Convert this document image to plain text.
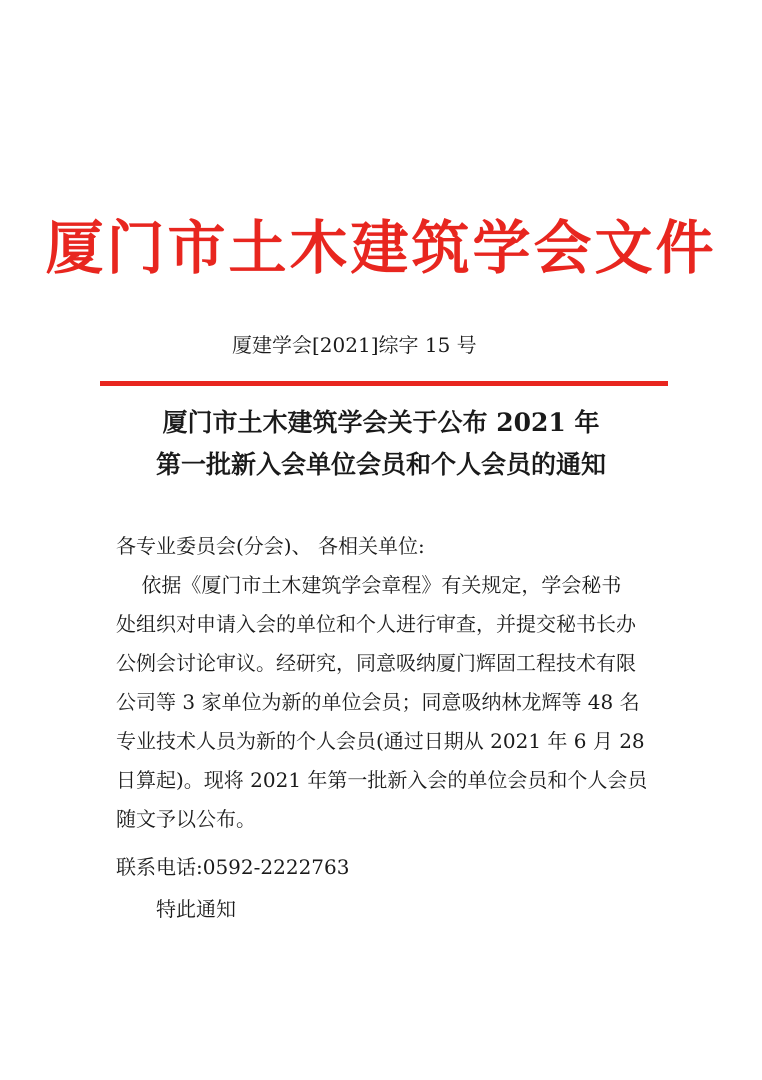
厦门市土木建筑学会文件
厦建学会[2021]综字 15 号
厦门市土木建筑学会关于公布 2021 年
第一批新入会单位会员和个人会员的通知
各专业委员会(分会)、 各相关单位:
依据《厦门市土木建筑学会章程》有关规定，学会秘书
处组织对申请入会的单位和个人进行审查，并提交秘书长办
公例会讨论审议。经研究，同意吸纳厦门辉固工程技术有限
公司等 3 家单位为新的单位会员；同意吸纳林龙辉等 48 名
专业技术人员为新的个人会员(通过日期从 2021 年 6 月 28
日算起)。现将 2021 年第一批新入会的单位会员和个人会员
随文予以公布。
联系电话:0592-2222763
特此通知
